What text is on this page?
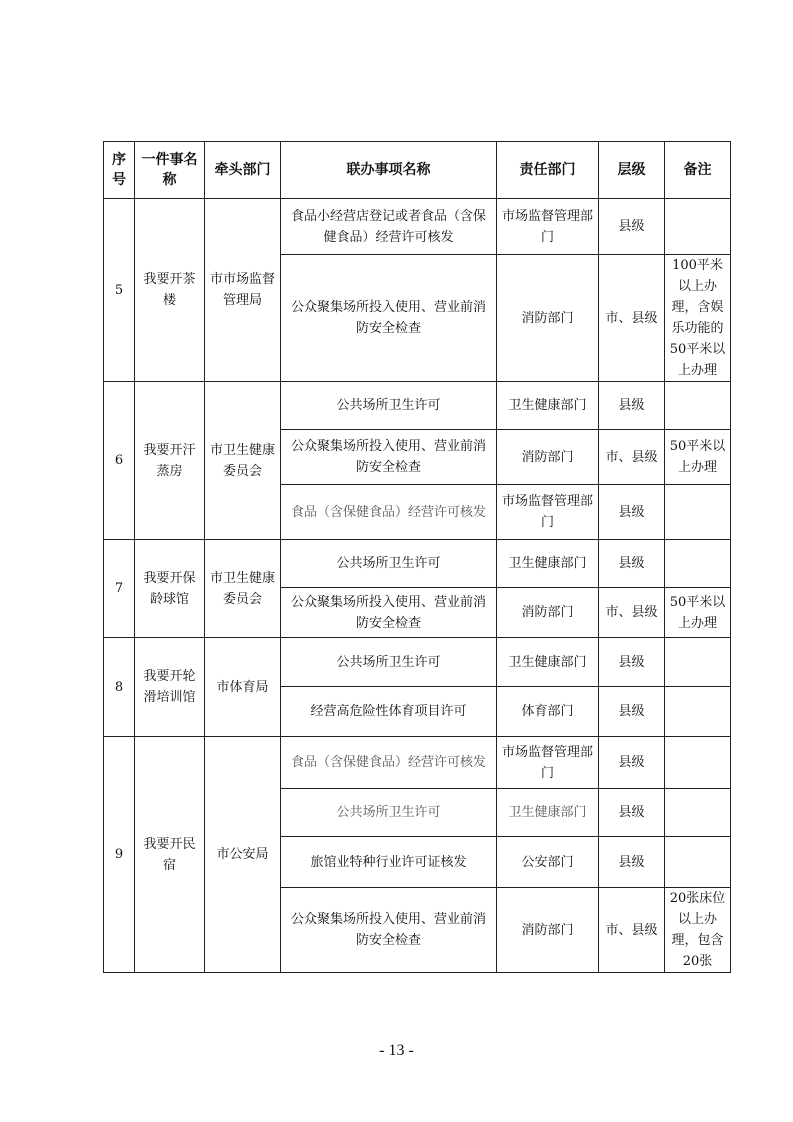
序号	一件事名称	牵头部门	联办事项名称	责任部门	层级	备注
5	我要开茶楼	市市场监督管理局	食品小经营店登记或者食品（含保健食品）经营许可核发	市场监督管理部门	县级	
			公众聚集场所投入使用、营业前消防安全检查	消防部门	市、县级	100平米以上办理，含娱乐功能的50平米以上办理
6	我要开汗蒸房	市卫生健康委员会	公共场所卫生许可	卫生健康部门	县级	
			公众聚集场所投入使用、营业前消防安全检查	消防部门	市、县级	50平米以上办理
			食品（含保健食品）经营许可核发	市场监督管理部门	县级	
7	我要开保龄球馆	市卫生健康委员会	公共场所卫生许可	卫生健康部门	县级	
			公众聚集场所投入使用、营业前消防安全检查	消防部门	市、县级	50平米以上办理

8	我要开轮滑培训馆	市体育局	公共场所卫生许可	卫生健康部门	县级	
			经营高危险性体育项目许可	体育部门	县级	
9	我要开民宿	市公安局	食品（含保健食品）经营许可核发	市场监督管理部门	县级	
			公共场所卫生许可	卫生健康部门	县级	
			旅馆业特种行业许可证核发	公安部门	县级	
			公众聚集场所投入使用、营业前消防安全检查	消防部门	市、县级	20张床位以上办理，包含20张
- 13 -
